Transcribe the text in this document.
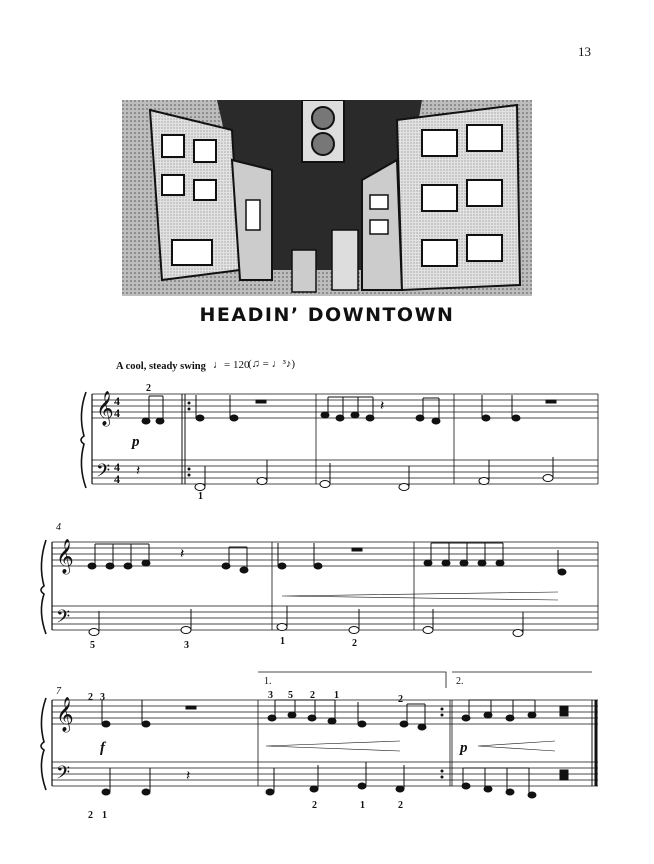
13
HEADIN’ DOWNTOWN
A cool, steady swing ♩= 120
(♫ = ♩³♪)
𝄞
𝄢
𝄞
𝄢
𝄞
𝄢
4
4
4
4 𝄽
𝄽
𝄽
𝄽
2
1
4
5	3	1	2
7
2 3	3 5 2 1	2
2 1
2	1	2
1.	2.
p
f	p
